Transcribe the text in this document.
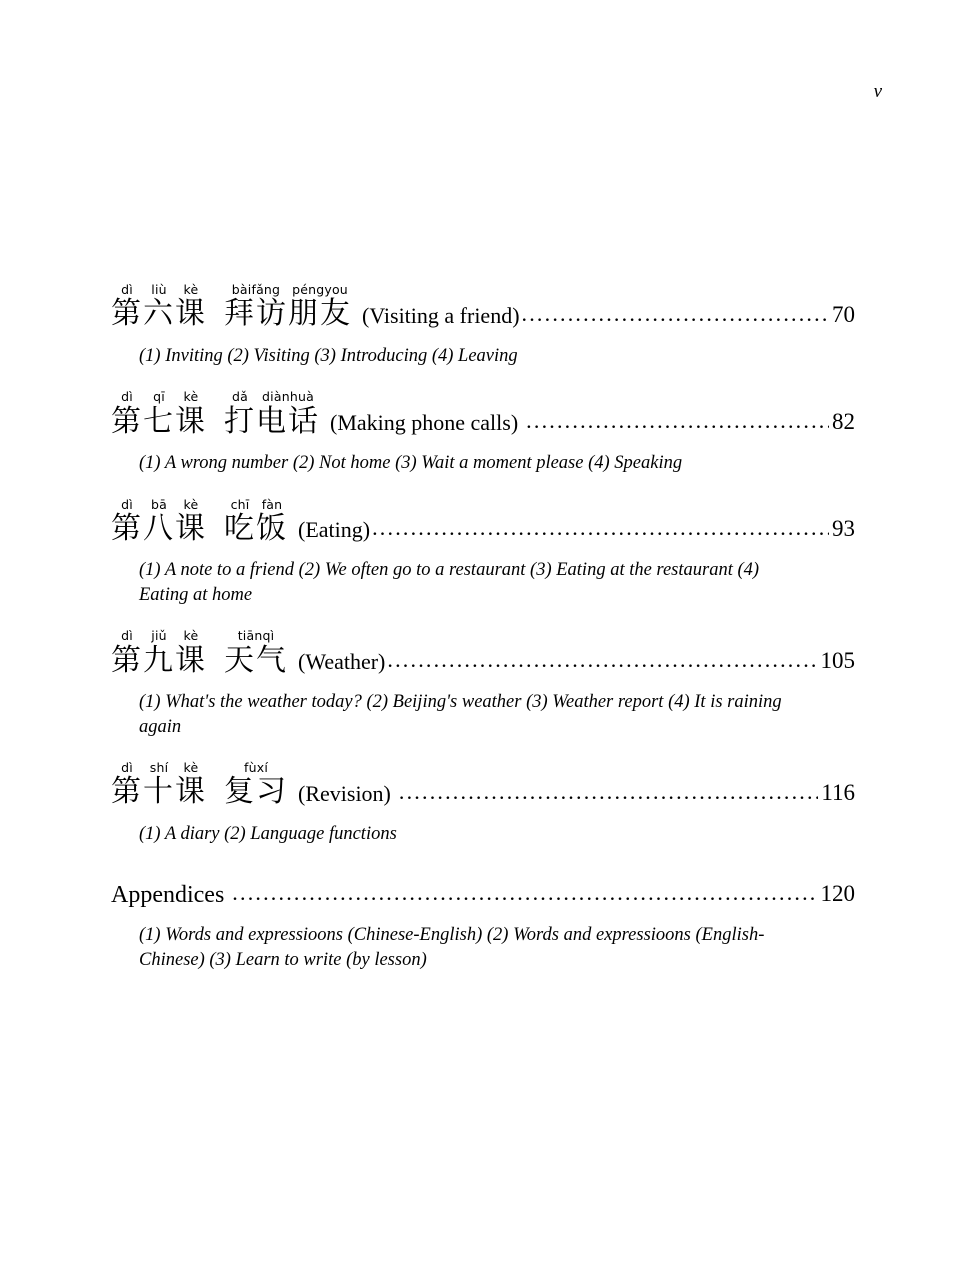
v
dì
第
liù
六
kè
课
bàifǎng
拜访
péngyou
朋友 (Visiting a friend) .....	70
(1) Inviting (2) Visiting (3) Introducing (4) Leaving
dì
第
qī
七
kè
课
dǎ
打
diànhuà
电话 (Making phone calls) .....	82
(1) A wrong number (2) Not home (3) Wait a moment please (4) Speaking
dì
第
bā
八
kè
课
chī
吃
fàn
饭 (Eating) .....	93
(1) A note to a friend (2) We often go to a restaurant (3) Eating at the restaurant (4) Eating at home
dì
第
jiǔ
九
kè
课
tiānqì
天气 (Weather) .....	105
(1) What's the weather today? (2) Beijing's weather (3) Weather report (4) It is raining again
dì
第
shí
十
kè
课
fùxí
复习 (Revision) .....	116
(1) A diary (2) Language functions
Appendices .....	120
(1) Words and expressioons (Chinese-English) (2) Words and expressioons (English-Chinese) (3) Learn to write (by lesson)
